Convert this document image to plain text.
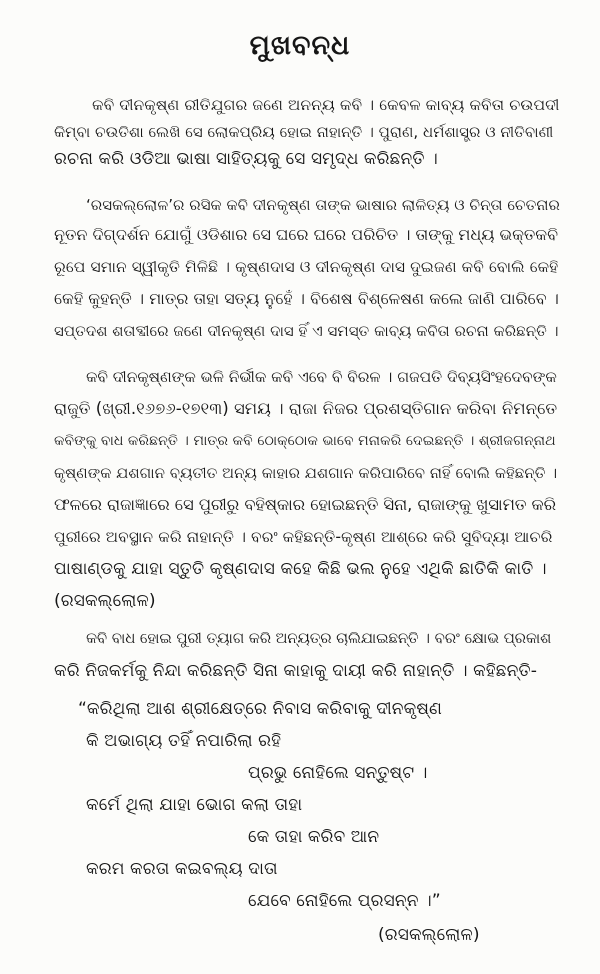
ମୁଖବନ୍ଧ
କବି ଦୀନକୃଷ୍ଣ ରୀତିଯୁଗର ଜଣେ ଅନନ୍ୟ କବି । କେବଳ କାବ୍ୟ କବିତା ଚଉପଦୀ
କିମ୍ବା ଚଉତିଶା ଲେଖି ସେ ଲୋକପ୍ରିୟ ହୋଇ ନାହାନ୍ତି । ପୁରାଣ, ଧର୍ମଶାସ୍ତ୍ର ଓ ନୀତିବାଣୀ
ରଚନା କରି ଓଡିଆ ଭାଷା ସାହିତ୍ୟକୁ ସେ ସମୃଦ୍ଧ କରିଛନ୍ତି ।
‘ରସକଲ୍ଲୋଳ’ର ରସିକ କବି ଦୀନକୃଷ୍ଣ ତାଙ୍କ ଭାଷାର ଲାଳିତ୍ୟ ଓ ଚିନ୍ତା ଚେତନାର
ନୂତନ ଦିଗ୍‌ଦର୍ଶନ ଯୋଗୁଁ ଓଡିଶାର ସେ ଘରେ ଘରେ ପରିଚିତ । ତାଙ୍କୁ ମଧ୍ୟ ଭକ୍ତକବି
ରୂପେ ସମାନ ସ୍ୱୀକୃତି ମିଳିଛି । କୃଷ୍ଣଦାସ ଓ ଦୀନକୃଷ୍ଣ ଦାସ ଦୁଇଜଣ କବି ବୋଲି କେହି
କେହି କୁହନ୍ତି । ମାତ୍ର ତାହା ସତ୍ୟ ନୁହେଁ । ବିଶେଷ ବିଶ୍ଳେଷଣ କଲେ ଜାଣି ପାରିବେ ।
ସପ୍ତଦଶ ଶତାବ୍ଦୀରେ ଜଣେ ଦୀନକୃଷ୍ଣ ଦାସ ହିଁ ଏ ସମସ୍ତ କାବ୍ୟ କବିତା ରଚନା କରିଛନ୍ତି ।
କବି ଦୀନକୃଷ୍ଣଙ୍କ ଭଳି ନିର୍ଭୀକ କବି ଏବେ ବି ବିରଳ । ଗଜପତି ଦିବ୍ୟସିଂହଦେବଙ୍କ
ରାଜୁତି (ଖ୍ରୀ.୧୬୭୬-୧୭୧୩) ସମୟ । ରାଜା ନିଜର ପ୍ରଶସ୍ତିଗାନ କରିବା ନିମନ୍ତେ
କବିଙ୍କୁ ବାଧ କରିଛନ୍ତି । ମାତ୍ର କବି ଠୋକ୍‌ଠୋକ ଭାବେ ମନାକରି ଦେଇଛନ୍ତି । ଶ୍ରୀଜଗନ୍ନାଥ
କୃଷ୍ଣଙ୍କ ଯଶଗାନ ବ୍ୟତୀତ ଅନ୍ୟ କାହାର ଯଶଗାନ କରିପାରିବେ ନାହିଁ ବୋଲି କହିଛନ୍ତି ।
ଫଳରେ ରାଜାଜ୍ଞାରେ ସେ ପୁରୀରୁ ବହିଷ୍କାର ହୋଇଛନ୍ତି ସିନା, ରାଜାଙ୍କୁ ଖୁସାମତ କରି
ପୁରୀରେ ଅବସ୍ଥାନ କରି ନାହାନ୍ତି । ବରଂ କହିଛନ୍ତି-କୃଷ୍ଣ ଆଶ୍ରେ କରି ସୁବିଦ୍ୟା ଆଚରି
ପାଷାଣ୍ଡକୁ ଯାହା ସ୍ତୁତି କୃଷ୍ଣଦାସ କହେ କିଛି ଭଲ ନୁହେ ଏଥିକି ଛାତିକି କାତି ।
(ରସକଲ୍ଲୋଳ)
କବି ବାଧ ହୋଇ ପୁରୀ ତ୍ୟାଗ କରି ଅନ୍ୟତ୍ର ଚାଲିଯାଇଛନ୍ତି । ବରଂ କ୍ଷୋଭ ପ୍ରକାଶ
କରି ନିଜକର୍ମକୁ ନିନ୍ଦା କରିଛନ୍ତି ସିନା କାହାକୁ ଦାୟୀ କରି ନାହାନ୍ତି । କହିଛନ୍ତି-
“କରିଥିଲା ଆଶ ଶ୍ରୀକ୍ଷେତ୍ରେ ନିବାସ କରିବାକୁ ଦୀନକୃଷ୍ଣ
କି ଅଭାଗ୍ୟ ତହିଁ ନପାରିଲା ରହି
ପ୍ରଭୁ ନୋହିଲେ ସନ୍ତୁଷ୍ଟ ।
କର୍ମେ ଥିଲା ଯାହା ଭୋଗ କଲା ତାହା
କେ ତାହା କରିବ ଆନ
କରମ କରତା କଇବଲ୍ୟ ଦାତା
ଯେବେ ନୋହିଲେ ପ୍ରସନ୍ନ ।”
(ରସକଲ୍ଲୋଳ)
